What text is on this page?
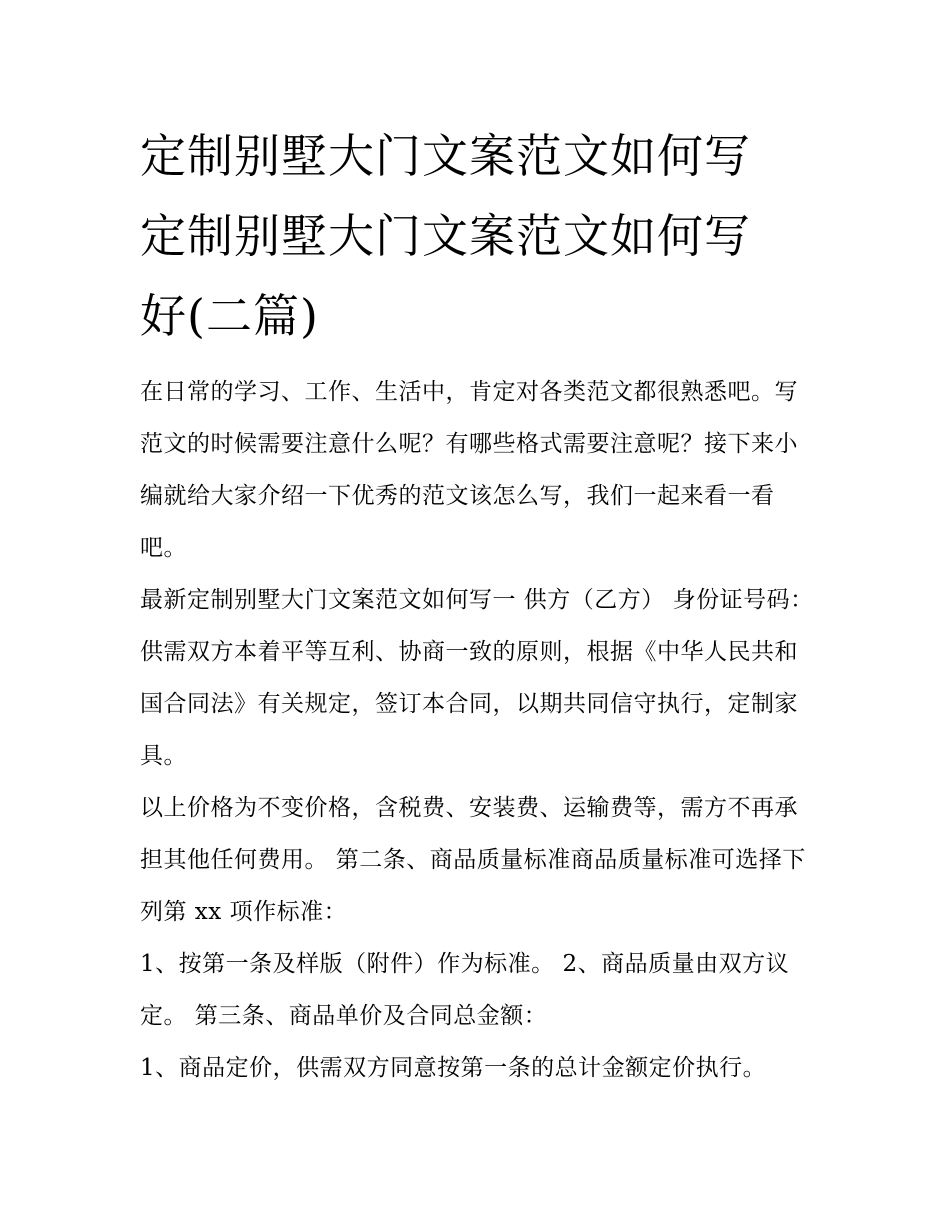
定制别墅大门文案范文如何写
定制别墅大门文案范文如何写
好(二篇)

在日常的学习、工作、生活中，肯定对各类范文都很熟悉吧。写范文的时候需要注意什么呢？有哪些格式需要注意呢？接下来小编就给大家介绍一下优秀的范文该怎么写，我们一起来看一看吧。

最新定制别墅大门文案范文如何写一 供方（乙方） 身份证号码：

供需双方本着平等互利、协商一致的原则，根据《中华人民共和国合同法》有关规定，签订本合同，以期共同信守执行，定制家具。

以上价格为不变价格，含税费、安装费、运输费等，需方不再承担其他任何费用。 第二条、商品质量标准商品质量标准可选择下列第 xx 项作标准：

1、按第一条及样版（附件）作为标准。 2、商品质量由双方议定。 第三条、商品单价及合同总金额：

1、商品定价，供需双方同意按第一条的总计金额定价执行。
